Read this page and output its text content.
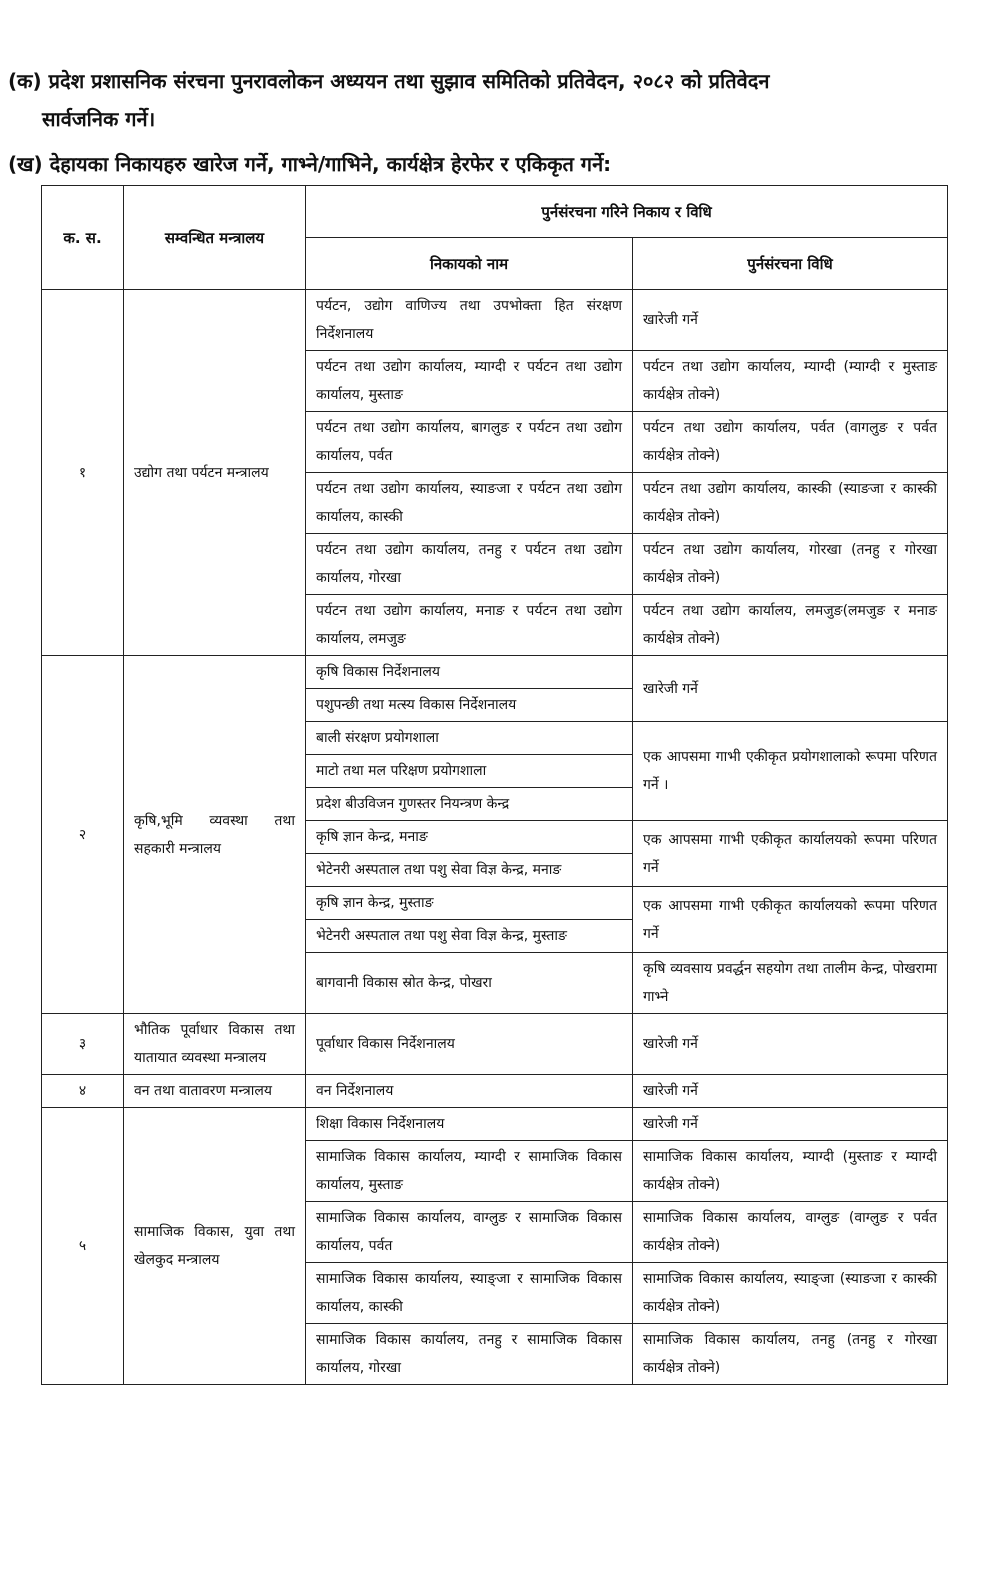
(क) प्रदेश प्रशासनिक संरचना पुनरावलोकन अध्ययन तथा सुझाव समितिको प्रतिवेदन, २०८२ को प्रतिवेदन
सार्वजनिक गर्ने।

(ख) देहायका निकायहरु खारेज गर्ने, गाभ्ने/गाभिने, कार्यक्षेत्र हेरफेर र एकिकृत गर्ने:

क. स.	सम्वन्धित मन्त्रालय	पुर्नसंरचना गरिने निकाय र विधि	
		निकायको नाम	पुर्नसंरचना विधि
१	उद्योग तथा पर्यटन मन्त्रालय	पर्यटन, उद्योग वाणिज्य तथा उपभोक्ता हित संरक्षण निर्देशनालय	खारेजी गर्ने
		पर्यटन तथा उद्योग कार्यालय, म्याग्दी र पर्यटन तथा उद्योग कार्यालय, मुस्ताङ	पर्यटन तथा उद्योग कार्यालय, म्याग्दी (म्याग्दी र मुस्ताङ कार्यक्षेत्र तोक्ने)
		पर्यटन तथा उद्योग कार्यालय, बागलुङ र पर्यटन तथा उद्योग कार्यालय, पर्वत	पर्यटन तथा उद्योग कार्यालय, पर्वत (वागलुङ र पर्वत कार्यक्षेत्र तोक्ने)
		पर्यटन तथा उद्योग कार्यालय, स्याङजा र पर्यटन तथा उद्योग कार्यालय, कास्की	पर्यटन तथा उद्योग कार्यालय, कास्की (स्याङजा र कास्की कार्यक्षेत्र तोक्ने)
		पर्यटन तथा उद्योग कार्यालय, तनहु र पर्यटन तथा उद्योग कार्यालय, गोरखा	पर्यटन तथा उद्योग कार्यालय, गोरखा (तनहु र गोरखा कार्यक्षेत्र तोक्ने)
		पर्यटन तथा उद्योग कार्यालय, मनाङ र पर्यटन तथा उद्योग कार्यालय, लमजुङ	पर्यटन तथा उद्योग कार्यालय, लमजुङ(लमजुङ र मनाङ कार्यक्षेत्र तोक्ने)
२	कृषि,भूमि व्यवस्था तथा सहकारी मन्त्रालय	कृषि विकास निर्देशनालय	खारेजी गर्ने
		पशुपन्छी तथा मत्स्य विकास निर्देशनालय	
		बाली संरक्षण प्रयोगशाला	एक आपसमा गाभी एकीकृत प्रयोगशालाको रूपमा परिणत गर्ने ।
		माटो तथा मल परिक्षण प्रयोगशाला	
		प्रदेश बीउविजन गुणस्तर नियन्त्रण केन्द्र	
		कृषि ज्ञान केन्द्र, मनाङ	एक आपसमा गाभी एकीकृत कार्यालयको रूपमा परिणत गर्ने
		भेटेनरी अस्पताल तथा पशु सेवा विज्ञ केन्द्र, मनाङ	
		कृषि ज्ञान केन्द्र, मुस्ताङ	एक आपसमा गाभी एकीकृत कार्यालयको रूपमा परिणत गर्ने
		भेटेनरी अस्पताल तथा पशु सेवा विज्ञ केन्द्र, मुस्ताङ	
		बागवानी विकास स्रोत केन्द्र, पोखरा	कृषि व्यवसाय प्रवर्द्धन सहयोग तथा तालीम केन्द्र, पोखरामा गाभ्ने
३	भौतिक पूर्वाधार विकास तथा यातायात व्यवस्था मन्त्रालय	पूर्वाधार विकास निर्देशनालय	खारेजी गर्ने
४	वन तथा वातावरण मन्त्रालय	वन निर्देशनालय	खारेजी गर्ने
५	सामाजिक विकास, युवा तथा खेलकुद मन्त्रालय	शिक्षा विकास निर्देशनालय	खारेजी गर्ने
		सामाजिक विकास कार्यालय, म्याग्दी र सामाजिक विकास कार्यालय, मुस्ताङ	सामाजिक विकास कार्यालय, म्याग्दी (मुस्ताङ र म्याग्दी कार्यक्षेत्र तोक्ने)
		सामाजिक विकास कार्यालय, वाग्लुङ र सामाजिक विकास कार्यालय, पर्वत	सामाजिक विकास कार्यालय, वाग्लुङ (वाग्लुङ र पर्वत कार्यक्षेत्र तोक्ने)
		सामाजिक विकास कार्यालय, स्याङ्जा र सामाजिक विकास कार्यालय, कास्की	सामाजिक विकास कार्यालय, स्याङ्जा (स्याङजा र कास्की कार्यक्षेत्र तोक्ने)
		सामाजिक विकास कार्यालय, तनहु र सामाजिक विकास कार्यालय, गोरखा	सामाजिक विकास कार्यालय, तनहु (तनहु र गोरखा कार्यक्षेत्र तोक्ने)
